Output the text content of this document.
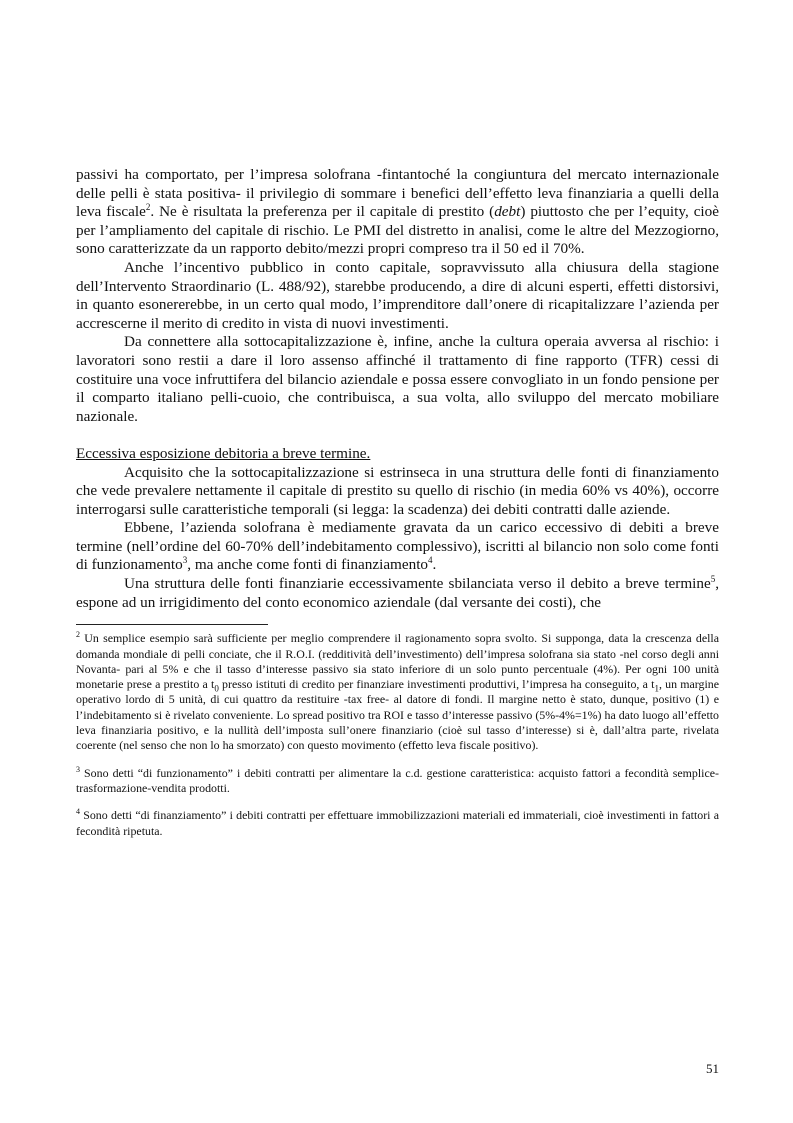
passivi ha comportato, per l’impresa solofrana -fintantoché la congiuntura del mercato internazionale delle pelli è stata positiva- il privilegio di sommare i benefici dell’effetto leva finanziaria a quelli della leva fiscale$^2$. Ne è risultata la preferenza per il capitale di prestito (debt) piuttosto che per l’equity, cioè per l’ampliamento del capitale di rischio. Le PMI del distretto in analisi, come le altre del Mezzogiorno, sono caratterizzate da un rapporto debito/mezzi propri compreso tra il 50 ed il 70%.

Anche l’incentivo pubblico in conto capitale, sopravvissuto alla chiusura della stagione dell’Intervento Straordinario (L. 488/92), starebbe producendo, a dire di alcuni esperti, effetti distorsivi, in quanto esonererebbe, in un certo qual modo, l’imprenditore dall’onere di ricapitalizzare l’azienda per accrescerne il merito di credito in vista di nuovi investimenti.

Da connettere alla sottocapitalizzazione è, infine, anche la cultura operaia avversa al rischio: i lavoratori sono restii a dare il loro assenso affinché il trattamento di fine rapporto (TFR) cessi di costituire una voce infruttifera del bilancio aziendale e possa essere convogliato in un fondo pensione per il comparto italiano pelli-cuoio, che contribuisca, a sua volta, allo sviluppo del mercato mobiliare nazionale.

Eccessiva esposizione debitoria a breve termine.

Acquisito che la sottocapitalizzazione si estrinseca in una struttura delle fonti di finanziamento che vede prevalere nettamente il capitale di prestito su quello di rischio (in media 60% vs 40%), occorre interrogarsi sulle caratteristiche temporali (si legga: la scadenza) dei debiti contratti dalle aziende.

Ebbene, l’azienda solofrana è mediamente gravata da un carico eccessivo di debiti a breve termine (nell’ordine del 60-70% dell’indebitamento complessivo), iscritti al bilancio non solo come fonti di funzionamento$^3$, ma anche come fonti di finanziamento$^4$.

Una struttura delle fonti finanziarie eccessivamente sbilanciata verso il debito a breve termine$^5$, espone ad un irrigidimento del conto economico aziendale (dal versante dei costi), che

$^2$ Un semplice esempio sarà sufficiente per meglio comprendere il ragionamento sopra svolto. Si supponga, data la crescenza della domanda mondiale di pelli conciate, che il R.O.I. (redditività dell’investimento) dell’impresa solofrana sia stato -nel corso degli anni Novanta- pari al 5% e che il tasso d’interesse passivo sia stato inferiore di un solo punto percentuale (4%). Per ogni 100 unità monetarie prese a prestito a $t_0$ presso istituti di credito per finanziare investimenti produttivi, l’impresa ha conseguito, a $t_1$, un margine operativo lordo di 5 unità, di cui quattro da restituire -tax free- al datore di fondi. Il margine netto è stato, dunque, positivo (1) e l’indebitamento si è rivelato conveniente. Lo spread positivo tra ROI e tasso d’interesse passivo (5%-4%=1%) ha dato luogo all’effetto leva finanziaria positivo, e la nullità dell’imposta sull’onere finanziario (cioè sul tasso d’interesse) si è, dall’altra parte, rivelata coerente (nel senso che non lo ha smorzato) con questo movimento (effetto leva fiscale positivo).

$^3$ Sono detti “di funzionamento” i debiti contratti per alimentare la c.d. gestione caratteristica: acquisto fattori a fecondità semplice-trasformazione-vendita prodotti.

$^4$ Sono detti “di finanziamento” i debiti contratti per effettuare immobilizzazioni materiali ed immateriali, cioè investimenti in fattori a fecondità ripetuta.

51
